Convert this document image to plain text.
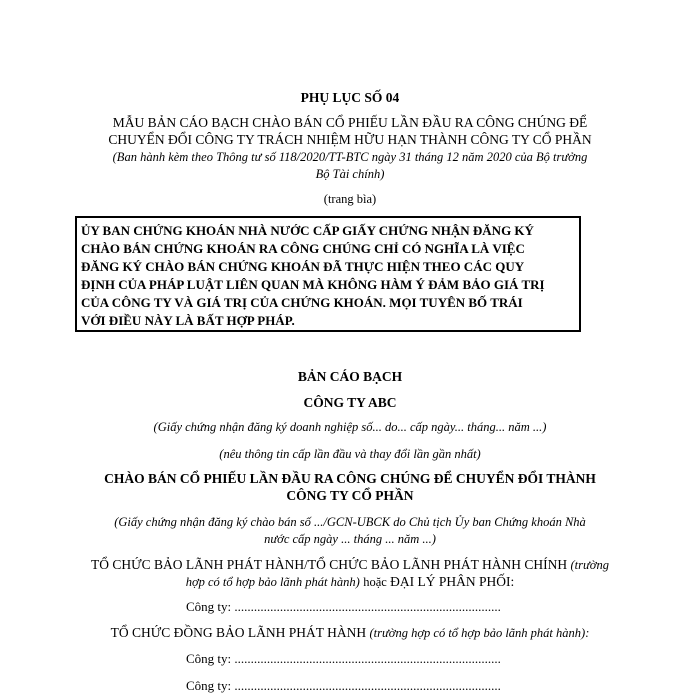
PHỤ LỤC SỐ 04
MẪU BẢN CÁO BẠCH CHÀO BÁN CỔ PHIẾU LẦN ĐẦU RA CÔNG CHÚNG ĐỂ
CHUYỂN ĐỔI CÔNG TY TRÁCH NHIỆM HỮU HẠN THÀNH CÔNG TY CỔ PHẦN
(Ban hành kèm theo Thông tư số 118/2020/TT-BTC ngày 31 tháng 12 năm 2020 của Bộ trưởng
Bộ Tài chính)
(trang bìa)
ỦY BAN CHỨNG KHOÁN NHÀ NƯỚC CẤP GIẤY CHỨNG NHẬN ĐĂNG KÝ
CHÀO BÁN CHỨNG KHOÁN RA CÔNG CHÚNG CHỈ CÓ NGHĨA LÀ VIỆC
ĐĂNG KÝ CHÀO BÁN CHỨNG KHOÁN ĐÃ THỰC HIỆN THEO CÁC QUY
ĐỊNH CỦA PHÁP LUẬT LIÊN QUAN MÀ KHÔNG HÀM Ý ĐẢM BẢO GIÁ TRỊ
CỦA CÔNG TY VÀ GIÁ TRỊ CỦA CHỨNG KHOÁN. MỌI TUYÊN BỐ TRÁI
VỚI ĐIỀU NÀY LÀ BẤT HỢP PHÁP.
BẢN CÁO BẠCH
CÔNG TY ABC
(Giấy chứng nhận đăng ký doanh nghiệp số... do... cấp ngày... tháng... năm ...)
(nêu thông tin cấp lần đầu và thay đổi lần gần nhất)
CHÀO BÁN CỔ PHIẾU LẦN ĐẦU RA CÔNG CHÚNG ĐỂ CHUYỂN ĐỔI THÀNH
CÔNG TY CỔ PHẦN
(Giấy chứng nhận đăng ký chào bán số .../GCN-UBCK do Chủ tịch Ủy ban Chứng khoán Nhà
nước cấp ngày ... tháng ... năm ...)
TỔ CHỨC BẢO LÃNH PHÁT HÀNH/TỔ CHỨC BẢO LÃNH PHÁT HÀNH CHÍNH (trường
hợp có tổ hợp bảo lãnh phát hành) hoặc ĐẠI LÝ PHÂN PHỐI:
Công ty: ..................................................................................
TỔ CHỨC ĐỒNG BẢO LÃNH PHÁT HÀNH (trường hợp có tổ hợp bảo lãnh phát hành):
Công ty: ..................................................................................
Công ty: ..................................................................................
